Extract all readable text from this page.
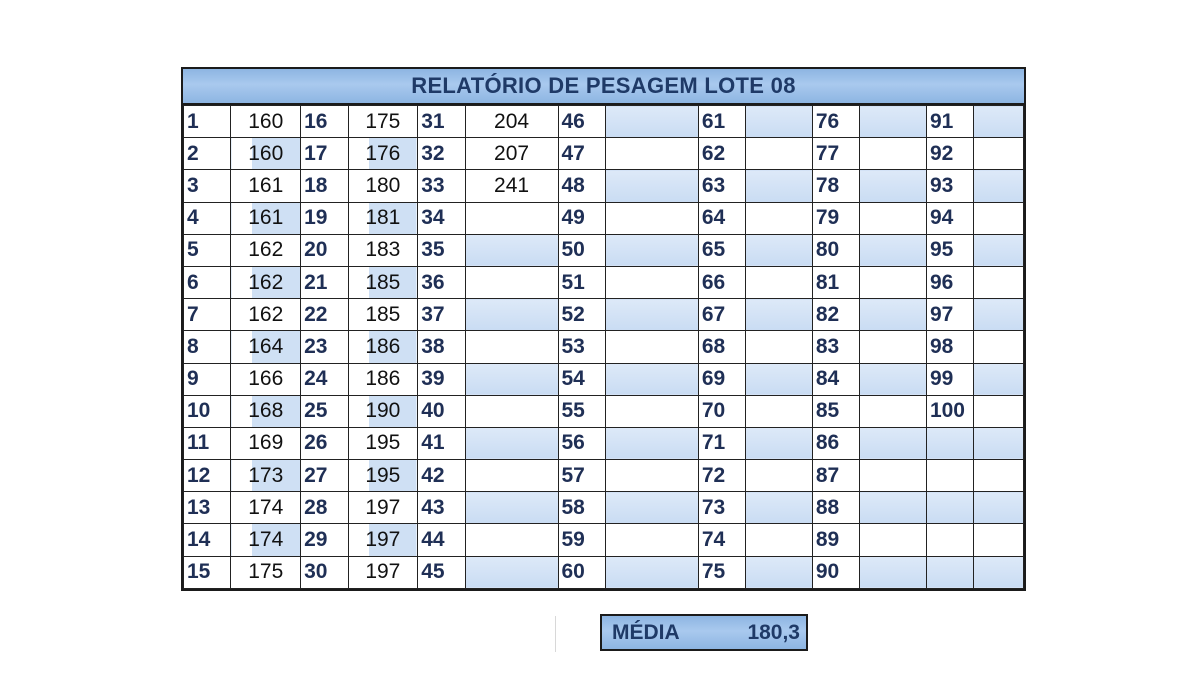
RELATÓRIO DE PESAGEM LOTE 08
1	160	16	175	31	204	46		61		76		91	
2	160	17	176	32	207	47		62		77		92	
3	161	18	180	33	241	48		63		78		93	
4	161	19	181	34		49		64		79		94	
5	162	20	183	35		50		65		80		95	
6	162	21	185	36		51		66		81		96	
7	162	22	185	37		52		67		82		97	
8	164	23	186	38		53		68		83		98	
9	166	24	186	39		54		69		84		99	
10	168	25	190	40		55		70		85		100	
11	169	26	195	41		56		71		86			
12	173	27	195	42		57		72		87			
13	174	28	197	43		58		73		88			
14	174	29	197	44		59		74		89			
15	175	30	197	45		60		75		90			
MÉDIA	180,3
